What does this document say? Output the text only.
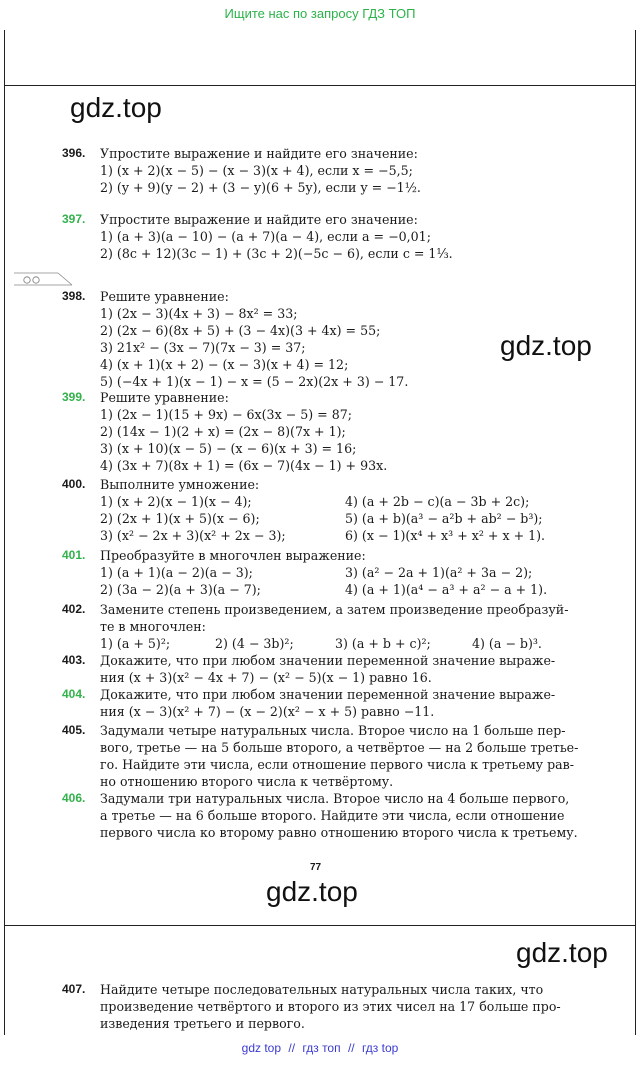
Ищите нас по запросу ГДЗ ТОП
gdz.top
gdz.top
gdz.top
gdz.top
77
396. Упростите выражение и найдите его значение:
1) (x + 2)(x − 5) − (x − 3)(x + 4), если x = −5,5;
2) (y + 9)(y − 2) + (3 − y)(6 + 5y), если y = −1½.
397. Упростите выражение и найдите его значение:
1) (a + 3)(a − 10) − (a + 7)(a − 4), если a = −0,01;
2) (8c + 12)(3c − 1) + (3c + 2)(−5c − 6), если c = 1⅓.
398. Решите уравнение:
1) (2x − 3)(4x + 3) − 8x² = 33;
2) (2x − 6)(8x + 5) + (3 − 4x)(3 + 4x) = 55;
3) 21x² − (3x − 7)(7x − 3) = 37;
4) (x + 1)(x + 2) − (x − 3)(x + 4) = 12;
5) (−4x + 1)(x − 1) − x = (5 − 2x)(2x + 3) − 17.
399. Решите уравнение:
1) (2x − 1)(15 + 9x) − 6x(3x − 5) = 87;
2) (14x − 1)(2 + x) = (2x − 8)(7x + 1);
3) (x + 10)(x − 5) − (x − 6)(x + 3) = 16;
4) (3x + 7)(8x + 1) = (6x − 7)(4x − 1) + 93x.
400. Выполните умножение:
1) (x + 2)(x − 1)(x − 4);	4) (a + 2b − c)(a − 3b + 2c);
2) (2x + 1)(x + 5)(x − 6);	5) (a + b)(a³ − a²b + ab² − b³);
3) (x² − 2x + 3)(x² + 2x − 3);	6) (x − 1)(x⁴ + x³ + x² + x + 1).
401. Преобразуйте в многочлен выражение:
1) (a + 1)(a − 2)(a − 3);	3) (a² − 2a + 1)(a² + 3a − 2);
2) (3a − 2)(a + 3)(a − 7);	4) (a + 1)(a⁴ − a³ + a² − a + 1).
402. Замените степень произведением, а затем произведение преобразуй-
те в многочлен:
1) (a + 5)²;	2) (4 − 3b)²;	3) (a + b + c)²;	4) (a − b)³.
403. Докажите, что при любом значении переменной значение выраже-
ния (x + 3)(x² − 4x + 7) − (x² − 5)(x − 1) равно 16.
404. Докажите, что при любом значении переменной значение выраже-
ния (x − 3)(x² + 7) − (x − 2)(x² − x + 5) равно −11.
405. Задумали четыре натуральных числа. Второе число на 1 больше пер-
вого, третье — на 5 больше второго, а четвёртое — на 2 больше третье-
го. Найдите эти числа, если отношение первого числа к третьему рав-
но отношению второго числа к четвёртому.
406. Задумали три натуральных числа. Второе число на 4 больше первого,
а третье — на 6 больше второго. Найдите эти числа, если отношение
первого числа ко второму равно отношению второго числа к третьему.
407. Найдите четыре последовательных натуральных числа таких, что
произведение четвёртого и второго из этих чисел на 17 больше про-
изведения третьего и первого.
gdz top // гдз топ // гдз top
